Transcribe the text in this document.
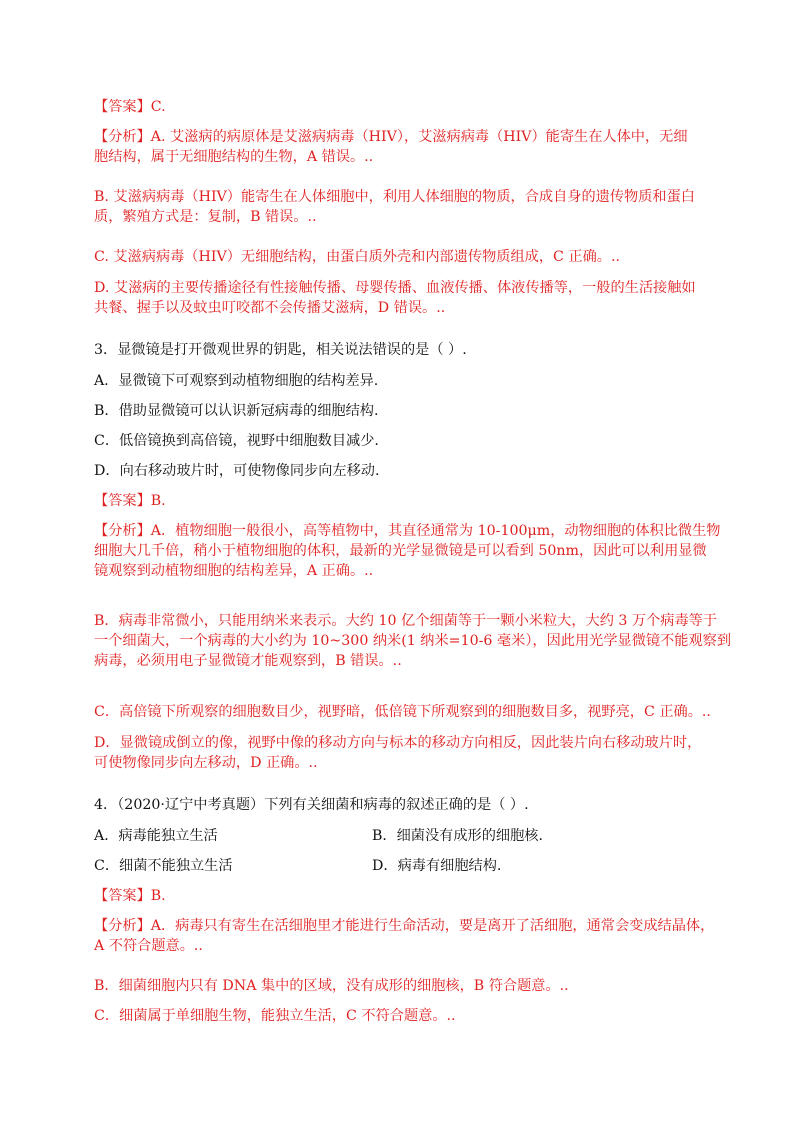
【答案】C.
【分析】A. 艾滋病的病原体是艾滋病病毒（HIV），艾滋病病毒（HIV）能寄生在人体中，无细
胞结构，属于无细胞结构的生物，A 错误。..
B. 艾滋病病毒（HIV）能寄生在人体细胞中，利用人体细胞的物质，合成自身的遗传物质和蛋白
质，繁殖方式是：复制，B 错误。..
C. 艾滋病病毒（HIV）无细胞结构，由蛋白质外壳和内部遗传物质组成，C 正确。..
D. 艾滋病的主要传播途径有性接触传播、母婴传播、血液传播、体液传播等，一般的生活接触如
共餐、握手以及蚊虫叮咬都不会传播艾滋病，D 错误。..
3．显微镜是打开微观世界的钥匙，相关说法错误的是（ ）.
A．显微镜下可观察到动植物细胞的结构差异.
B．借助显微镜可以认识新冠病毒的细胞结构.
C．低倍镜换到高倍镜，视野中细胞数目减少.
D．向右移动玻片时，可使物像同步向左移动.
【答案】B.
【分析】A．植物细胞一般很小，高等植物中，其直径通常为 10-100μm，动物细胞的体积比微生物
细胞大几千倍，稍小于植物细胞的体积，最新的光学显微镜是可以看到 50nm，因此可以利用显微
镜观察到动植物细胞的结构差异，A 正确。..
B．病毒非常微小，只能用纳米来表示。大约 10 亿个细菌等于一颗小米粒大，大约 3 万个病毒等于
一个细菌大，一个病毒的大小约为 10~300 纳米(1 纳米=10-6 毫米），因此用光学显微镜不能观察到
病毒，必须用电子显微镜才能观察到，B 错误。..
C．高倍镜下所观察的细胞数目少，视野暗，低倍镜下所观察到的细胞数目多，视野亮，C 正确。..
D．显微镜成倒立的像，视野中像的移动方向与标本的移动方向相反，因此装片向右移动玻片时，
可使物像同步向左移动，D 正确。..
4．（2020·辽宁中考真题）下列有关细菌和病毒的叙述正确的是（ ）.
【答案】B.
【分析】A．病毒只有寄生在活细胞里才能进行生命活动，要是离开了活细胞，通常会变成结晶体，
A 不符合题意。..
B．细菌细胞内只有 DNA 集中的区域，没有成形的细胞核，B 符合题意。..
C．细菌属于单细胞生物，能独立生活，C 不符合题意。..
A．病毒能独立生活	B．细菌没有成形的细胞核.
C．细菌不能独立生活	D．病毒有细胞结构.
